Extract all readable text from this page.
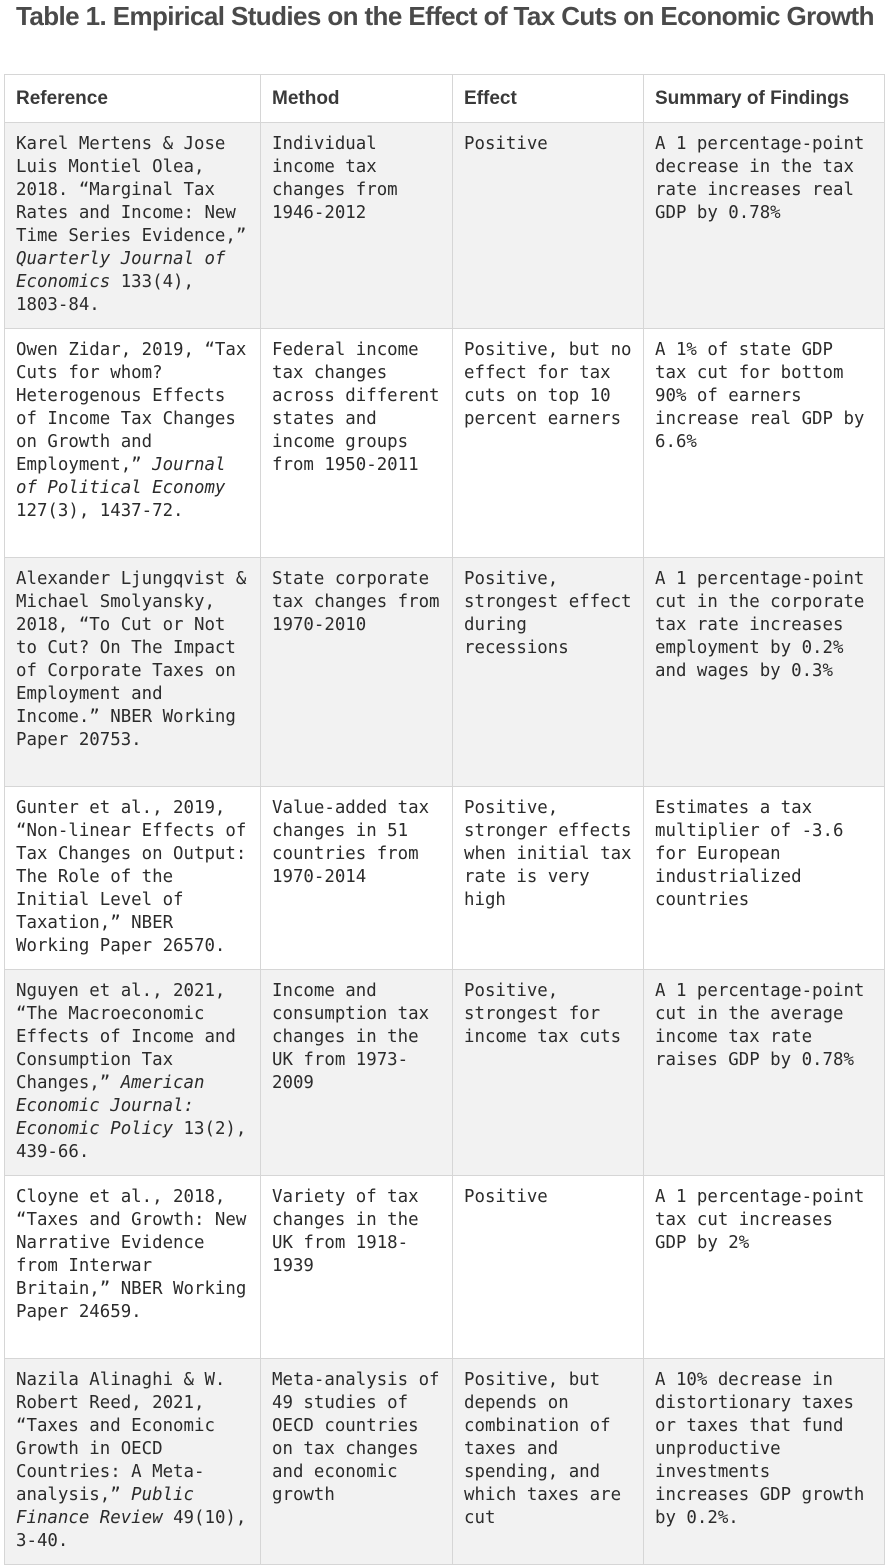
Table 1. Empirical Studies on the Effect of Tax Cuts on Economic Growth
Reference	Method	Effect	Summary of Findings
Karel Mertens & Jose Luis Montiel Olea, 2018. “Marginal Tax Rates and Income: New Time Series Evidence,” Quarterly Journal of Economics 133(4), 1803-84.	Individual income tax changes from 1946-2012	Positive	A 1 percentage-point decrease in the tax rate increases real GDP by 0.78%
Owen Zidar, 2019, “Tax Cuts for whom? Heterogenous Effects of Income Tax Changes on Growth and Employment,” Journal of Political Economy 127(3), 1437-72.	Federal income tax changes across different states and income groups from 1950-2011	Positive, but no effect for tax cuts on top 10 percent earners	A 1% of state GDP tax cut for bottom 90% of earners increase real GDP by 6.6%
Alexander Ljungqvist & Michael Smolyansky, 2018, “To Cut or Not to Cut? On The Impact of Corporate Taxes on Employment and Income.” NBER Working Paper 20753.	State corporate tax changes from 1970-2010	Positive, strongest effect during recessions	A 1 percentage-point cut in the corporate tax rate increases employment by 0.2% and wages by 0.3%
Gunter et al., 2019, “Non-linear Effects of Tax Changes on Output: The Role of the Initial Level of Taxation,” NBER Working Paper 26570.	Value-added tax changes in 51 countries from 1970-2014	Positive, stronger effects when initial tax rate is very high	Estimates a tax multiplier of -3.6 for European industrialized countries
Nguyen et al., 2021, “The Macroeconomic Effects of Income and Consumption Tax Changes,” American Economic Journal: Economic Policy 13(2), 439-66.	Income and consumption tax changes in the UK from 1973-2009	Positive, strongest for income tax cuts	A 1 percentage-point cut in the average income tax rate raises GDP by 0.78%
Cloyne et al., 2018, “Taxes and Growth: New Narrative Evidence from Interwar Britain,” NBER Working Paper 24659.	Variety of tax changes in the UK from 1918-1939	Positive	A 1 percentage-point tax cut increases GDP by 2%
Nazila Alinaghi & W. Robert Reed, 2021, “Taxes and Economic Growth in OECD Countries: A Meta-analysis,” Public Finance Review 49(10), 3-40.	Meta-analysis of 49 studies of OECD countries on tax changes and economic growth	Positive, but depends on combination of taxes and spending, and which taxes are cut	A 10% decrease in distortionary taxes or taxes that fund unproductive investments increases GDP growth by 0.2%.
